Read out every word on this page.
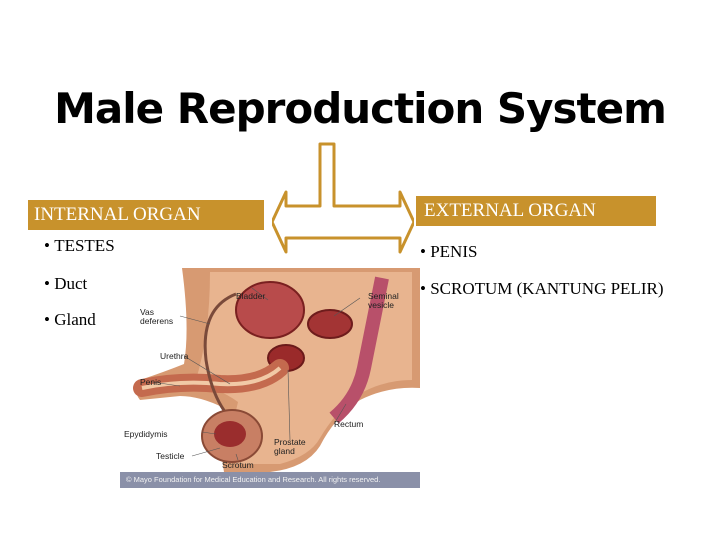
Male Reproduction System
INTERNAL ORGAN	EXTERNAL ORGAN
• TESTES
• Duct
• Gland
• PENIS
• SCROTUM (KANTUNG PELIR)
Bladder	Seminal vesicle
Vas deferens
Urethra
Penis
Epydidymis
Testicle
Scrotum
Rectum
Prostate gland
© Mayo Foundation for Medical Education and Research. All rights reserved.
